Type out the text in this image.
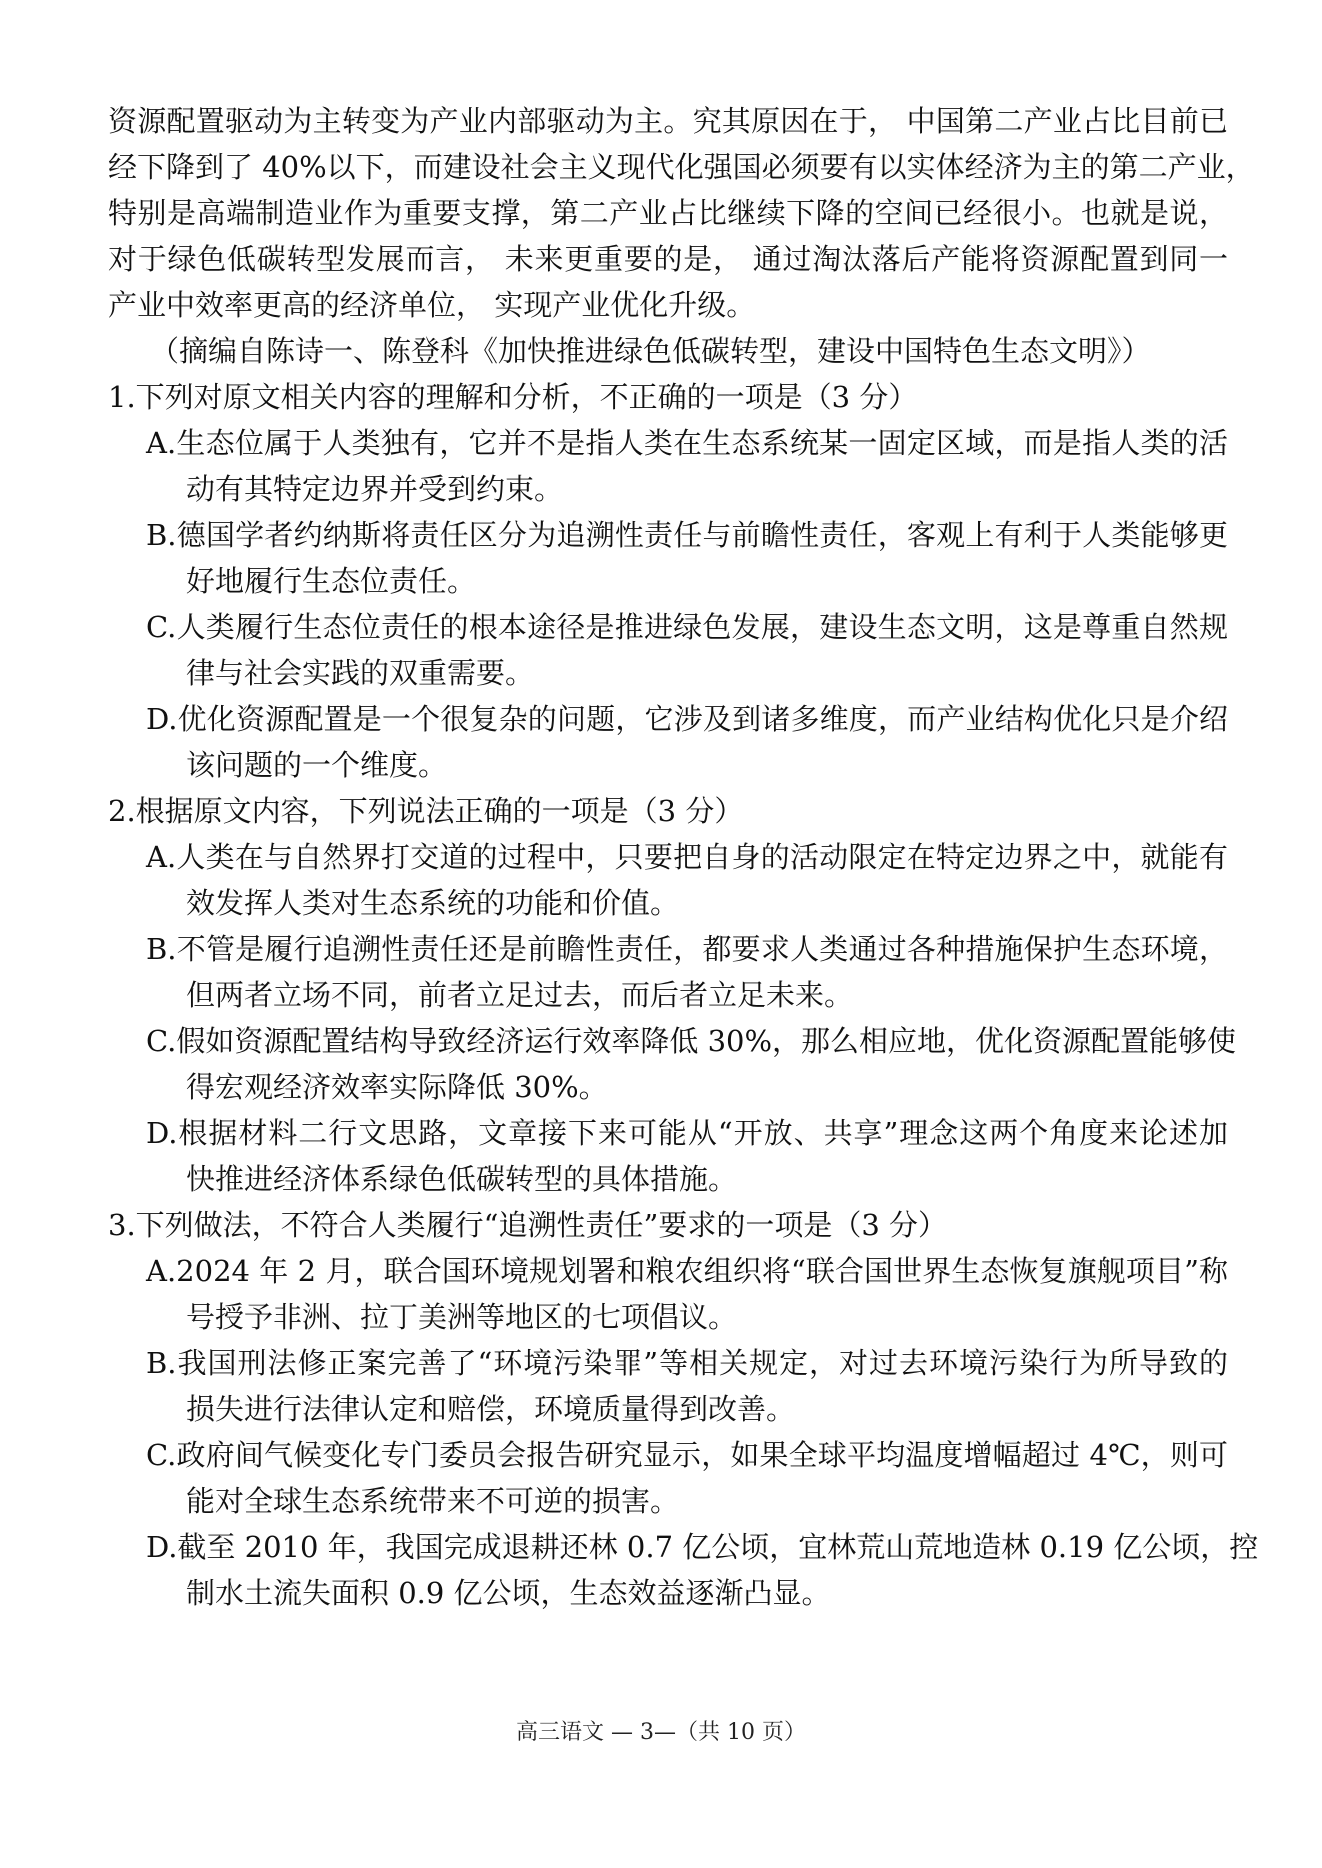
资源配置驱动为主转变为产业内部驱动为主。究其原因在于， 中国第二产业占比目前已
经下降到了 40%以下，而建设社会主义现代化强国必须要有以实体经济为主的第二产业，
特别是高端制造业作为重要支撑，第二产业占比继续下降的空间已经很小。也就是说，
对于绿色低碳转型发展而言， 未来更重要的是， 通过淘汰落后产能将资源配置到同一
产业中效率更高的经济单位， 实现产业优化升级。
（摘编自陈诗一、陈登科《加快推进绿色低碳转型，建设中国特色生态文明》）
1.下列对原文相关内容的理解和分析，不正确的一项是（3 分）
A.生态位属于人类独有，它并不是指人类在生态系统某一固定区域，而是指人类的活
动有其特定边界并受到约束。
B.德国学者约纳斯将责任区分为追溯性责任与前瞻性责任，客观上有利于人类能够更
好地履行生态位责任。
C.人类履行生态位责任的根本途径是推进绿色发展，建设生态文明，这是尊重自然规
律与社会实践的双重需要。
D.优化资源配置是一个很复杂的问题，它涉及到诸多维度，而产业结构优化只是介绍
该问题的一个维度。
2.根据原文内容，下列说法正确的一项是（3 分）
A.人类在与自然界打交道的过程中，只要把自身的活动限定在特定边界之中，就能有
效发挥人类对生态系统的功能和价值。
B.不管是履行追溯性责任还是前瞻性责任，都要求人类通过各种措施保护生态环境，
但两者立场不同，前者立足过去，而后者立足未来。
C.假如资源配置结构导致经济运行效率降低 30%，那么相应地，优化资源配置能够使
得宏观经济效率实际降低 30%。
D.根据材料二行文思路，文章接下来可能从“开放、共享”理念这两个角度来论述加
快推进经济体系绿色低碳转型的具体措施。
3.下列做法，不符合人类履行“追溯性责任”要求的一项是（3 分）
A.2024 年 2 月，联合国环境规划署和粮农组织将“联合国世界生态恢复旗舰项目”称
号授予非洲、拉丁美洲等地区的七项倡议。
B.我国刑法修正案完善了“环境污染罪”等相关规定，对过去环境污染行为所导致的
损失进行法律认定和赔偿，环境质量得到改善。
C.政府间气候变化专门委员会报告研究显示，如果全球平均温度增幅超过 4℃，则可
能对全球生态系统带来不可逆的损害。
D.截至 2010 年，我国完成退耕还林 0.7 亿公顷，宜林荒山荒地造林 0.19 亿公顷，控
制水土流失面积 0.9 亿公顷，生态效益逐渐凸显。
高三语文 — 3—（共 10 页）
